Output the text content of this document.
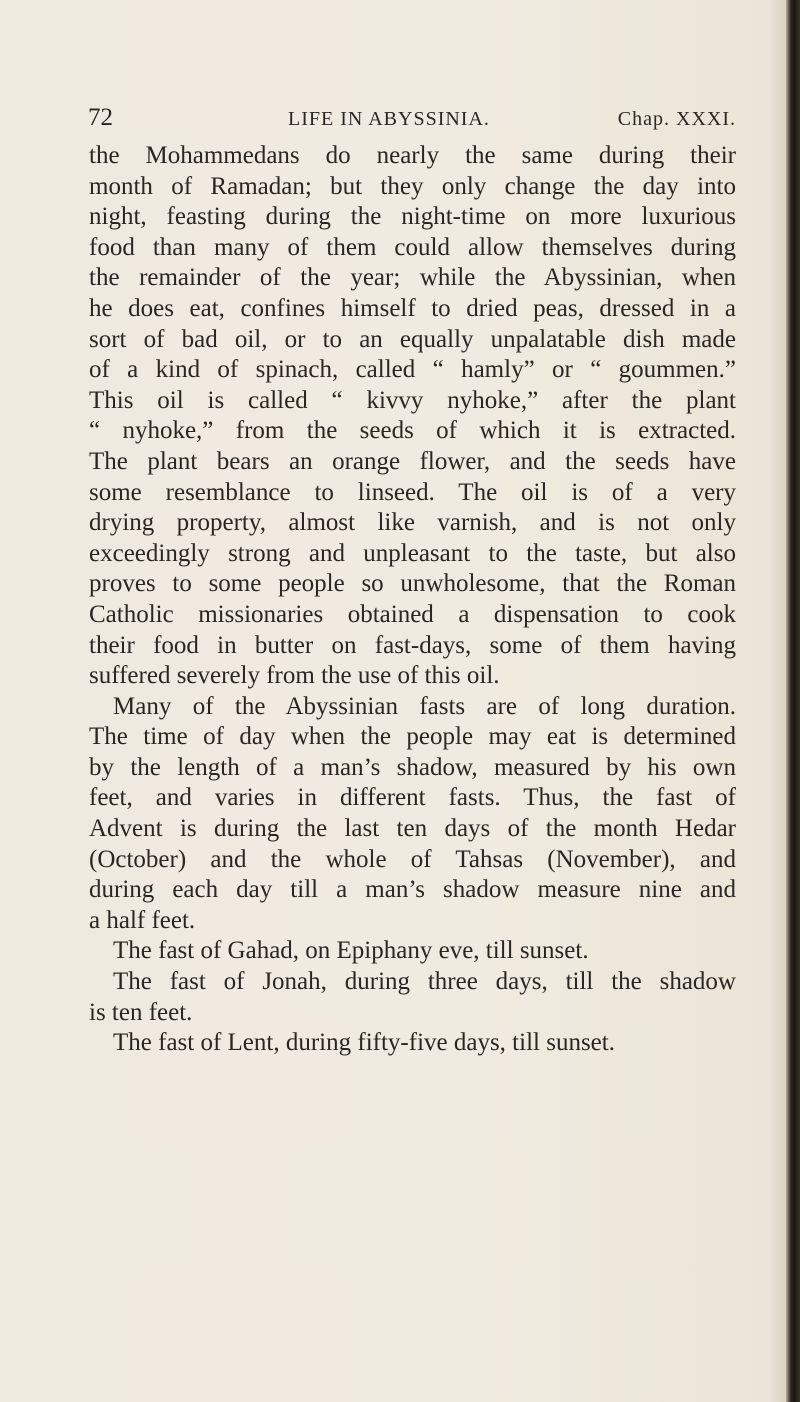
72	LIFE IN ABYSSINIA.	Chap. XXXI.
the Mohammedans do nearly the same during their
month of Ramadan; but they only change the day into
night, feasting during the night-time on more luxurious
food than many of them could allow themselves during
the remainder of the year; while the Abyssinian, when
he does eat, confines himself to dried peas, dressed in a
sort of bad oil, or to an equally unpalatable dish made
of a kind of spinach, called “ hamly” or “ goummen.”
This oil is called “ kivvy nyhoke,” after the plant
“ nyhoke,” from the seeds of which it is extracted.
The plant bears an orange flower, and the seeds have
some resemblance to linseed. The oil is of a very
drying property, almost like varnish, and is not only
exceedingly strong and unpleasant to the taste, but also
proves to some people so unwholesome, that the Roman
Catholic missionaries obtained a dispensation to cook
their food in butter on fast-days, some of them having
suffered severely from the use of this oil.
Many of the Abyssinian fasts are of long duration.
The time of day when the people may eat is determined
by the length of a man’s shadow, measured by his own
feet, and varies in different fasts. Thus, the fast of
Advent is during the last ten days of the month Hedar
(October) and the whole of Tahsas (November), and
during each day till a man’s shadow measure nine and
a half feet.
The fast of Gahad, on Epiphany eve, till sunset.
The fast of Jonah, during three days, till the shadow
is ten feet.
The fast of Lent, during fifty-five days, till sunset.
